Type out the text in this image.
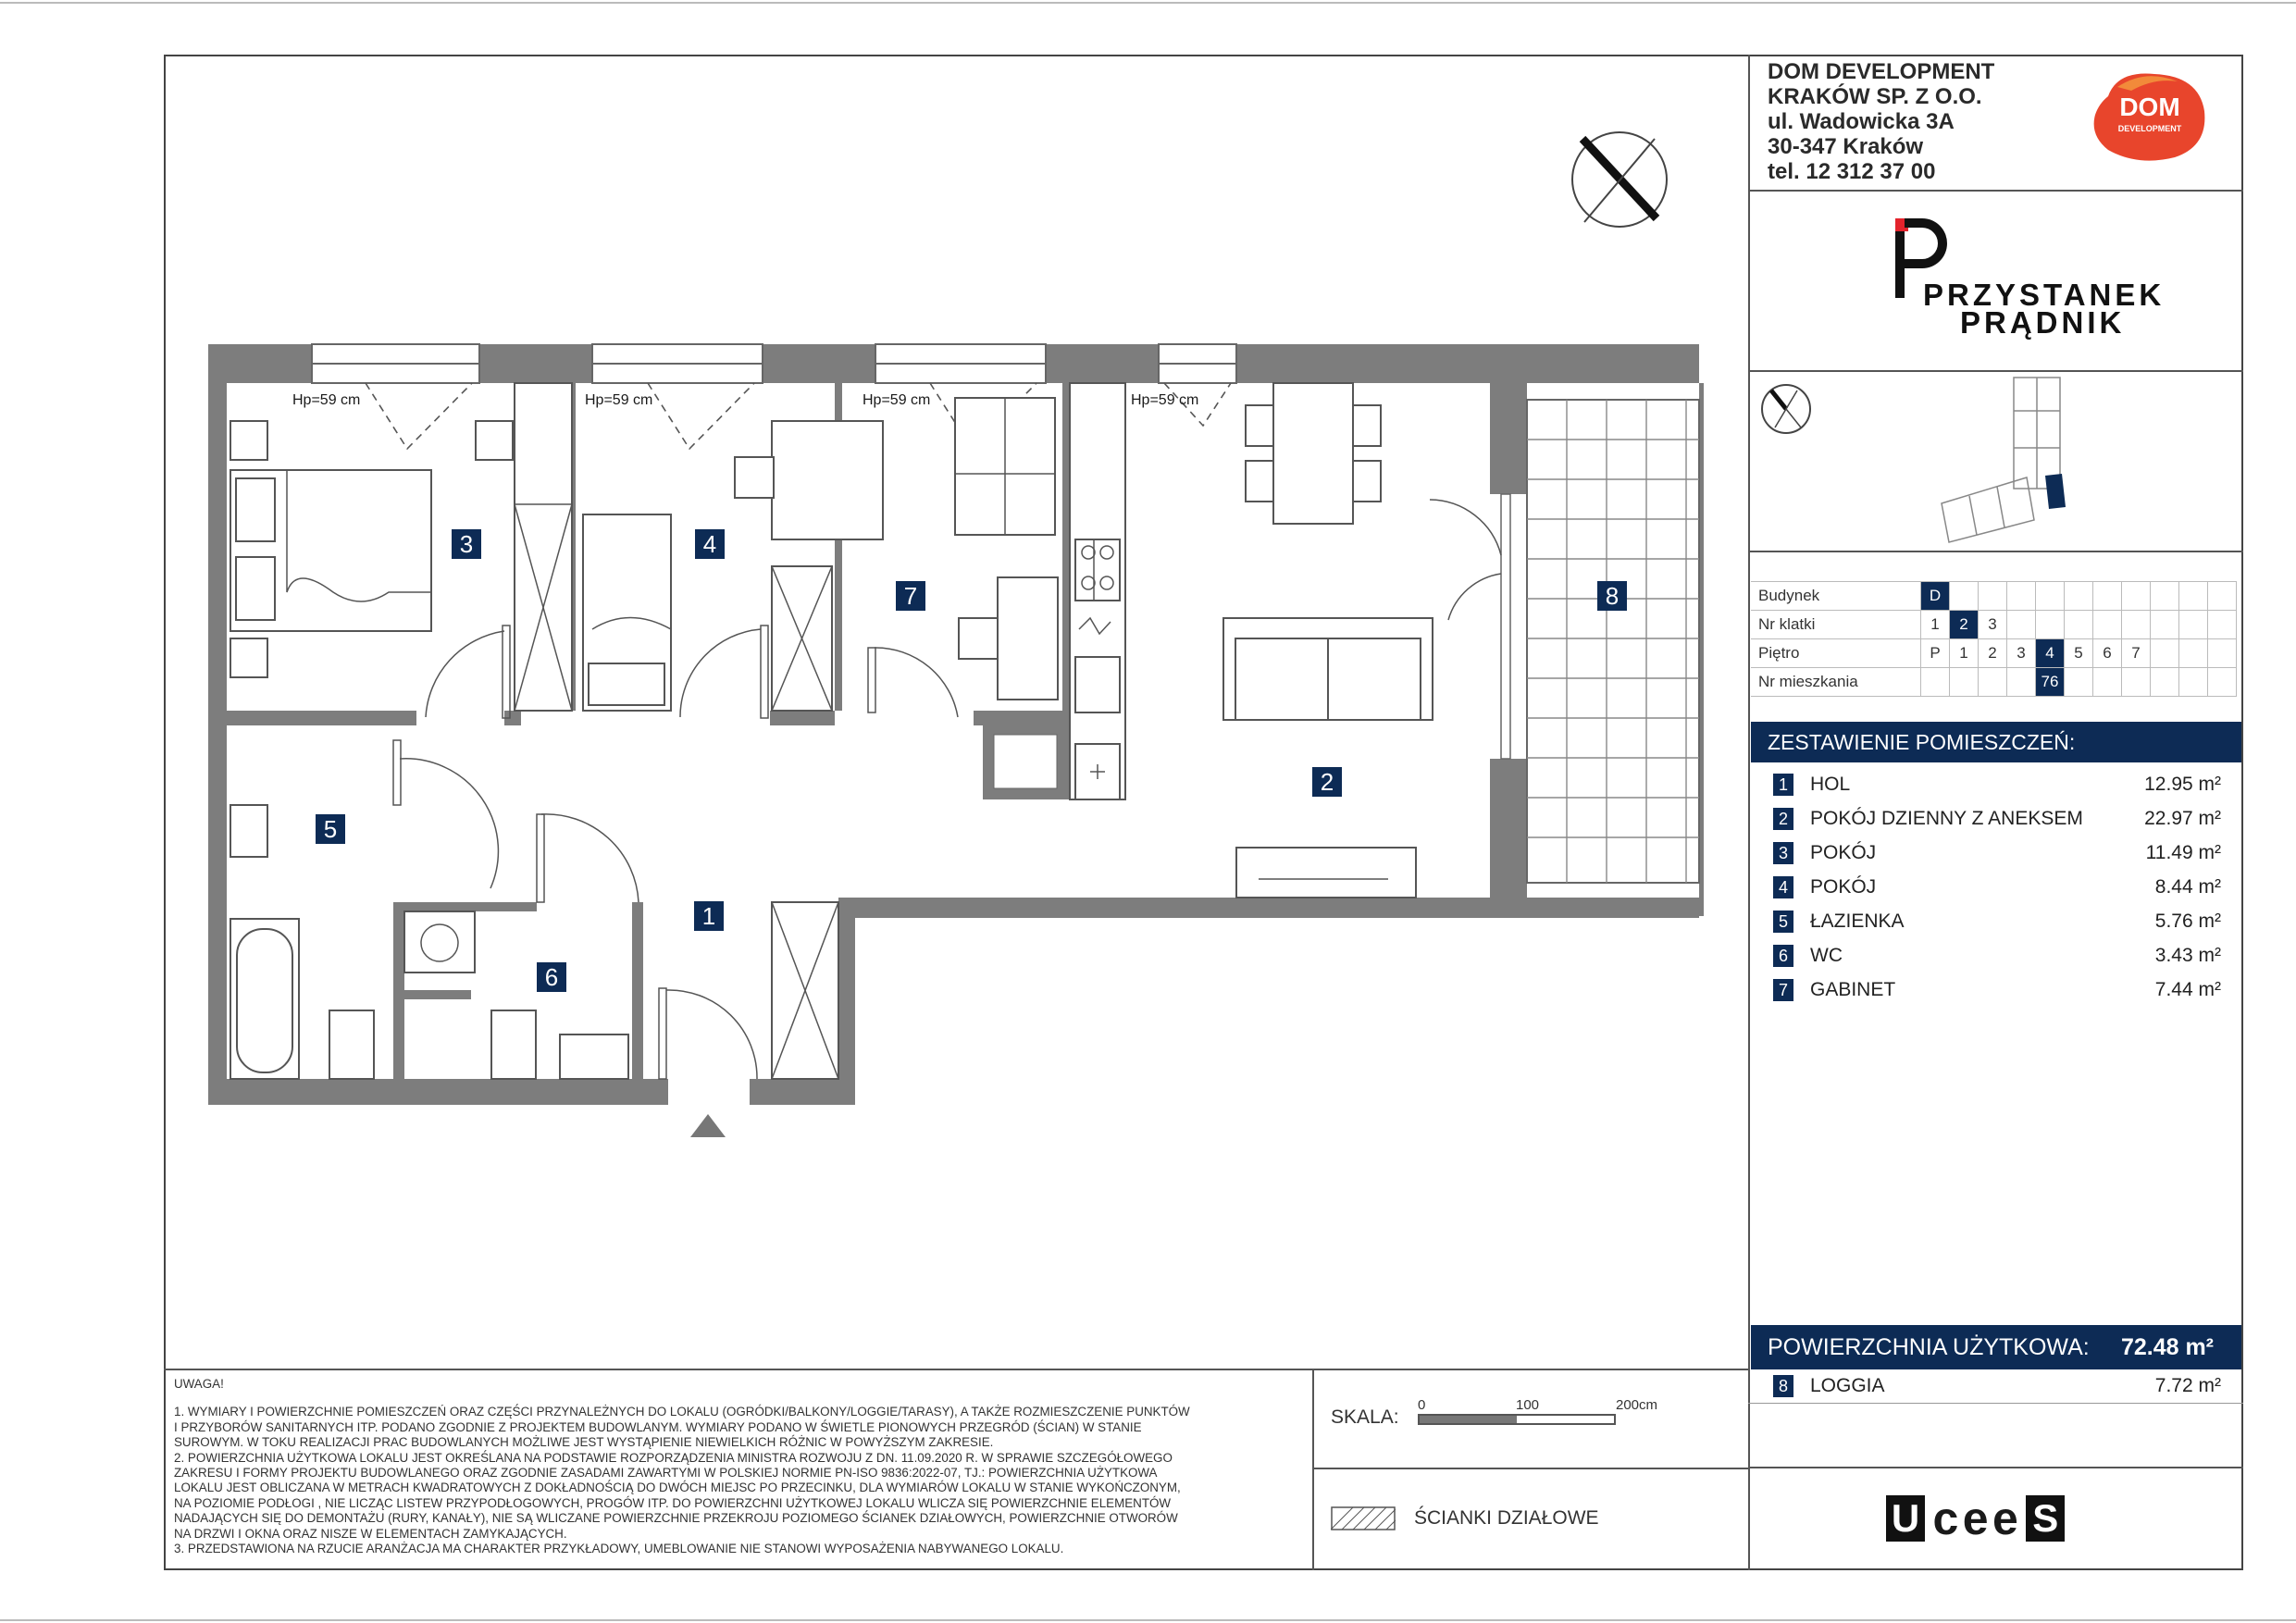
3	4
7	8
2
5
1
6
Hp=59 cm	Hp=59 cm	Hp=59 cm	Hp=59 cm
DOM DEVELOPMENT
KRAKÓW SP. Z O.O.
ul. Wadowicka 3A
30-347 Kraków
tel. 12 312 37 00
DOM
DEVELOPMENT
PRZYSTANEK
PRĄDNIK
Budynek	D										
Nr klatki	1	2	3								
Piętro	P	1	2	3	4	5	6	7			
Nr mieszkania					76						
ZESTAWIENIE POMIESZCZEŃ:
1 HOL	12.95 m²
2 POKÓJ DZIENNY Z ANEKSEM	22.97 m²
3 POKÓJ	11.49 m²
4 POKÓJ	8.44 m²
5 ŁAZIENKA	5.76 m²
6 WC	3.43 m²
7 GABINET	7.44 m²
POWIERZCHNIA UŻYTKOWA: 72.48 m²
8 LOGGIA	7.72 m²

UWAGA!

1. WYMIARY I POWIERZCHNIE POMIESZCZEŃ ORAZ CZĘŚCI PRZYNALEŻNYCH DO LOKALU (OGRÓDKI/BALKONY/LOGGIE/TARASY), A TAKŻE ROZMIESZCZENIE PUNKTÓW

I PRZYBORÓW SANITARNYCH ITP. PODANO ZGODNIE Z PROJEKTEM BUDOWLANYM. WYMIARY PODANO W ŚWIETLE PIONOWYCH PRZEGRÓD (ŚCIAN) W STANIE

SUROWYM. W TOKU REALIZACJI PRAC BUDOWLANYCH MOŻLIWE JEST WYSTĄPIENIE NIEWIELKICH RÓŻNIC W POWYŻSZYM ZAKRESIE.

2. POWIERZCHNIA UŻYTKOWA LOKALU JEST OKREŚLANA NA PODSTAWIE ROZPORZĄDZENIA MINISTRA ROZWOJU Z DN. 11.09.2020 R. W SPRAWIE SZCZEGÓŁOWEGO

ZAKRESU I FORMY PROJEKTU BUDOWLANEGO ORAZ ZGODNIE ZASADAMI ZAWARTYMI W POLSKIEJ NORMIE PN-ISO 9836:2022-07, TJ.: POWIERZCHNIA UŻYTKOWA

LOKALU JEST OBLICZANA W METRACH KWADRATOWYCH Z DOKŁADNOŚCIĄ DO DWÓCH MIEJSC PO PRZECINKU, DLA WYMIARÓW LOKALU W STANIE WYKOŃCZONYM,

NA POZIOMIE PODŁOGI , NIE LICZĄC LISTEW PRZYPODŁOGOWYCH, PROGÓW ITP. DO POWIERZCHNI UŻYTKOWEJ LOKALU WLICZA SIĘ POWIERZCHNIE ELEMENTÓW

NADAJĄCYCH SIĘ DO DEMONTAŻU (RURY, KANAŁY), NIE SĄ WLICZANE POWIERZCHNIE PRZEKROJU POZIOMEGO ŚCIANEK DZIAŁOWYCH, POWIERZCHNIE OTWORÓW

NA DRZWI I OKNA ORAZ NISZE W ELEMENTACH ZAMYKAJĄCYCH.

3. PRZEDSTAWIONA NA RZUCIE ARANŻACJA MA CHARAKTER PRZYKŁADOWY, UMEBLOWANIE NIE STANOWI WYPOSAŻENIA NABYWANEGO LOKALU.

SKALA:
0	100	200cm
ŚCIANKI DZIAŁOWE	U c e e S
